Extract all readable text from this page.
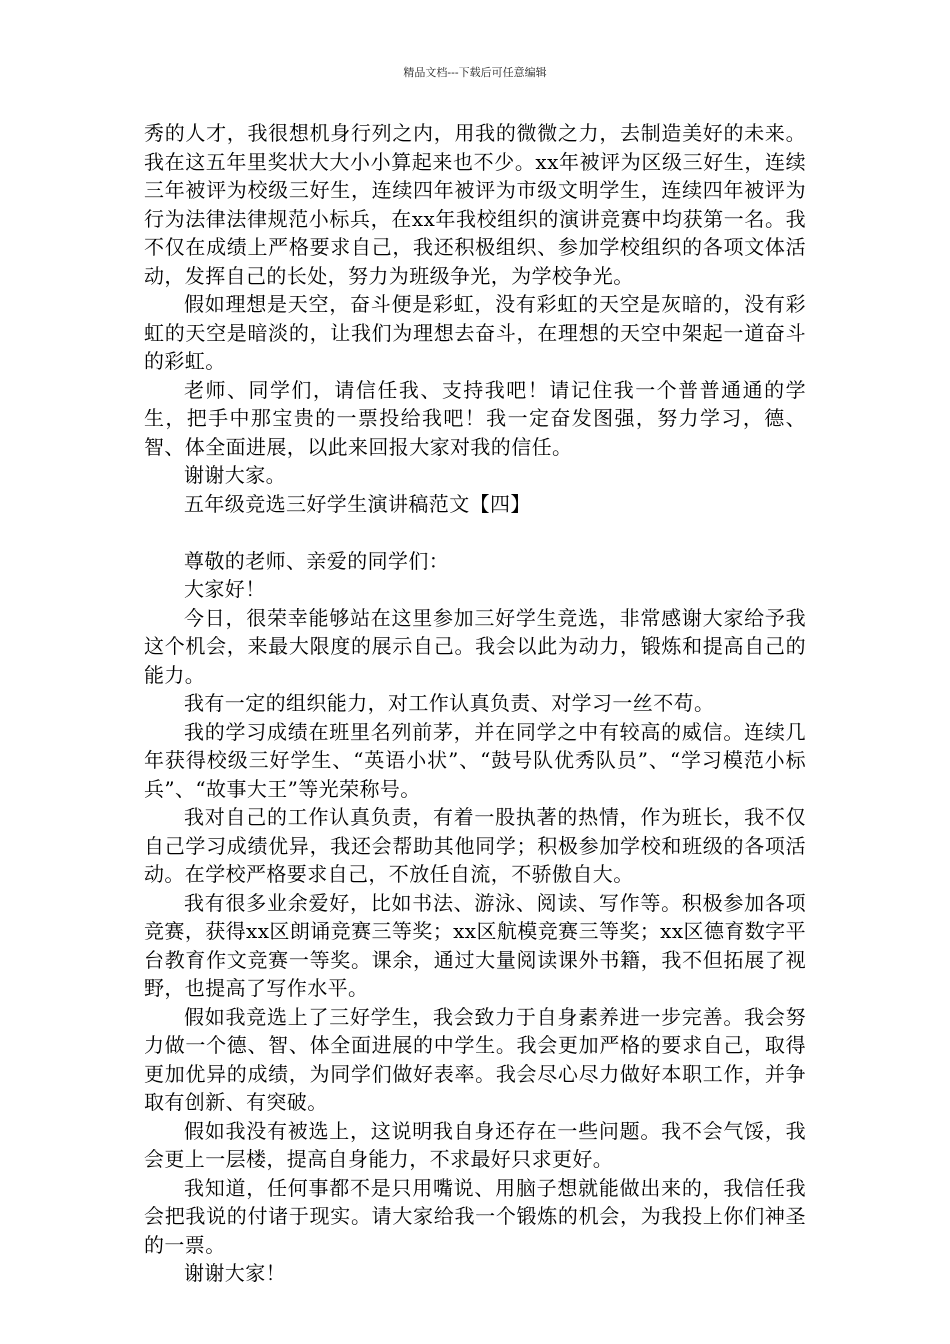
精品文档---下载后可任意编辑

秀的人才，我很想机身行列之内，用我的微微之力，去制造美好的未来。 我在这五年里奖状大大小小算起来也不少。xx年被评为区级三好生，连续三年被评为校级三好生，连续四年被评为市级文明学生，连续四年被评为行为法律法律规范小标兵，在xx年我校组织的演讲竞赛中均获第一名。我不仅在成绩上严格要求自己，我还积极组织、参加学校组织的各项文体活动，发挥自己的长处，努力为班级争光，为学校争光。

假如理想是天空，奋斗便是彩虹，没有彩虹的天空是灰暗的，没有彩虹的天空是暗淡的，让我们为理想去奋斗，在理想的天空中架起一道奋斗的彩虹。

老师、同学们，请信任我、支持我吧！请记住我一个普普通通的学生，把手中那宝贵的一票投给我吧！我一定奋发图强，努力学习，德、智、体全面进展，以此来回报大家对我的信任。

谢谢大家。

五年级竞选三好学生演讲稿范文【四】

尊敬的老师、亲爱的同学们：

大家好！

今日，很荣幸能够站在这里参加三好学生竞选，非常感谢大家给予我这个机会，来最大限度的展示自己。我会以此为动力，锻炼和提高自己的能力。

我有一定的组织能力，对工作认真负责、对学习一丝不苟。

我的学习成绩在班里名列前茅，并在同学之中有较高的威信。连续几年获得校级三好学生、“英语小状”、“鼓号队优秀队员”、“学习模范小标兵”、“故事大王”等光荣称号。

我对自己的工作认真负责，有着一股执著的热情，作为班长，我不仅自己学习成绩优异，我还会帮助其他同学；积极参加学校和班级的各项活动。在学校严格要求自己，不放任自流，不骄傲自大。

我有很多业余爱好，比如书法、游泳、阅读、写作等。积极参加各项竞赛，获得xx区朗诵竞赛三等奖；xx区航模竞赛三等奖；xx区德育数字平台教育作文竞赛一等奖。课余，通过大量阅读课外书籍，我不但拓展了视野，也提高了写作水平。

假如我竞选上了三好学生，我会致力于自身素养进一步完善。我会努力做一个德、智、体全面进展的中学生。我会更加严格的要求自己，取得更加优异的成绩，为同学们做好表率。我会尽心尽力做好本职工作，并争取有创新、有突破。

假如我没有被选上，这说明我自身还存在一些问题。我不会气馁，我会更上一层楼，提高自身能力，不求最好只求更好。

我知道，任何事都不是只用嘴说、用脑子想就能做出来的，我信任我会把我说的付诸于现实。请大家给我一个锻炼的机会，为我投上你们神圣的一票。

谢谢大家！
